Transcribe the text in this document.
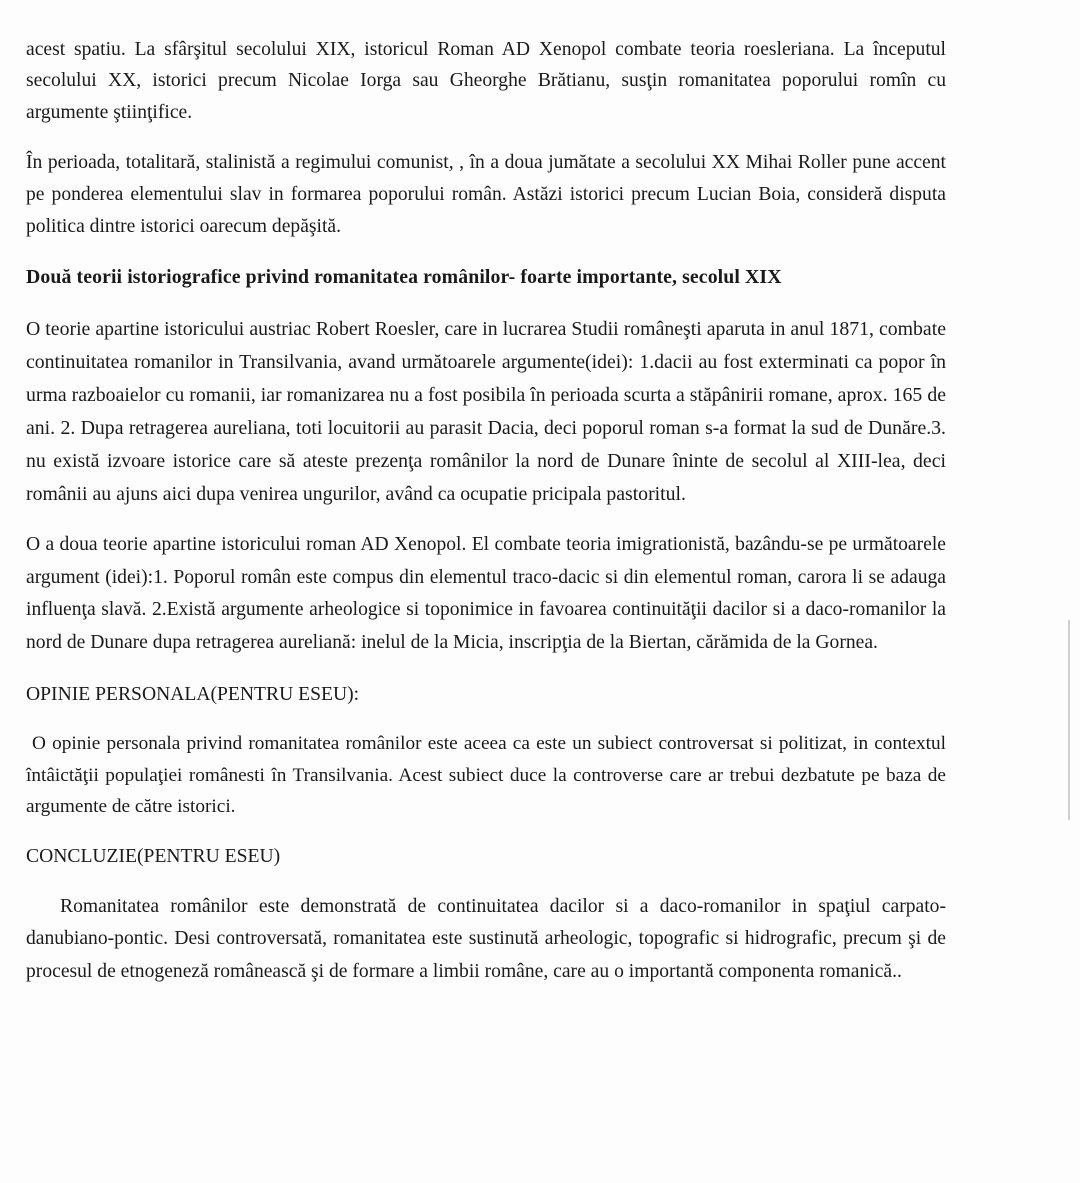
acest spatiu. La sfârşitul secolului XIX, istoricul Roman AD Xenopol combate teoria roesleriana. La începutul secolului XX, istorici precum Nicolae Iorga sau Gheorghe Brătianu, susţin romanitatea poporului romîn cu argumente ştiinţifice.

În perioada, totalitară, stalinistă a regimului comunist, , în a doua jumătate a secolului XX Mihai Roller pune accent pe ponderea elementului slav in formarea poporului român. Astăzi istorici precum Lucian Boia, consideră disputa politica dintre istorici oarecum depăşită.

Două teorii istoriografice privind romanitatea românilor- foarte importante, secolul XIX

O teorie apartine istoricului austriac Robert Roesler, care in lucrarea Studii româneşti aparuta in anul 1871, combate continuitatea romanilor in Transilvania, avand următoarele argumente(idei): 1.dacii au fost exterminati ca popor în urma razboaielor cu romanii, iar romanizarea nu a fost posibila în perioada scurta a stăpânirii romane, aprox. 165 de ani. 2. Dupa retragerea aureliana, toti locuitorii au parasit Dacia, deci poporul roman s-a format la sud de Dunăre.3. nu există izvoare istorice care să ateste prezenţa românilor la nord de Dunare îninte de secolul al XIII-lea, deci românii au ajuns aici dupa venirea ungurilor, având ca ocupatie pricipala pastoritul.

O a doua teorie apartine istoricului roman AD Xenopol. El combate teoria imigrationistă, bazându-se pe următoarele argument (idei):1. Poporul român este compus din elementul traco-dacic si din elementul roman, carora li se adauga influenţa slavă. 2.Există argumente arheologice si toponimice in favoarea continuităţii dacilor si a daco-romanilor la nord de Dunare dupa retragerea aureliană: inelul de la Micia, inscripţia de la Biertan, cărămida de la Gornea.

OPINIE PERSONALA(PENTRU ESEU):

O opinie personala privind romanitatea românilor este aceea ca este un subiect controversat si politizat, in contextul întâictăţii populaţiei românesti în Transilvania. Acest subiect duce la controverse care ar trebui dezbatute pe baza de argumente de către istorici.

CONCLUZIE(PENTRU ESEU)

Romanitatea românilor este demonstrată de continuitatea dacilor si a daco-romanilor in spaţiul carpato-danubiano-pontic. Desi controversată, romanitatea este sustinută arheologic, topografic si hidrografic, precum şi de procesul de etnogeneză românească şi de formare a limbii române, care au o importantă componenta romanică..
